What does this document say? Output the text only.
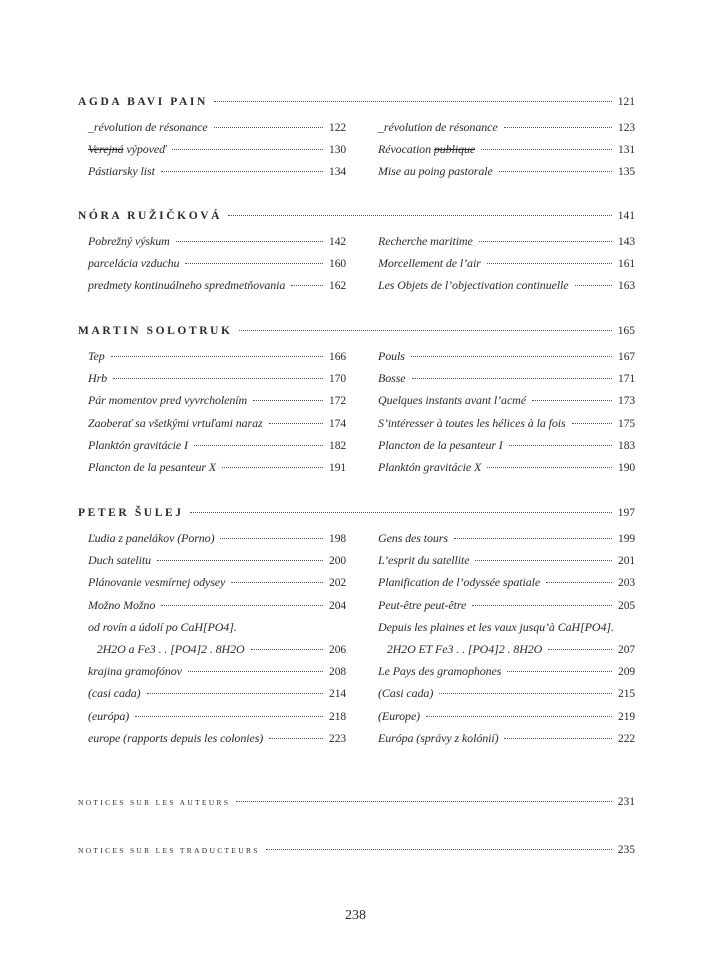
AGDA BAVI PAIN	121
_révolution de résonance	122	_révolution de résonance	123
Verejná výpoveď	130	Révocation publique	131
Pástiarsky list	134	Mise au poing pastorale	135
NÓRA RUŽIČKOVÁ	141
Pobrežný výskum	142	Recherche maritime	143
parcelácia vzduchu	160	Morcellement de l’air	161
predmety kontinuálneho spredmetňovania	162	Les Objets de l’objectivation continuelle	163
MARTIN SOLOTRUK	165
Tep	166	Pouls	167
Hrb	170	Bosse	171
Pár momentov pred vyvrcholením	172	Quelques instants avant l’acmé	173
Zaoberať sa všetkými vrtuľami naraz	174	S’intéresser à toutes les hélices à la fois	175
Planktón gravitácie I	182	Plancton de la pesanteur I	183
Plancton de la pesanteur X	191	Planktón gravitácie X	190
PETER ŠULEJ	197
Ľudia z panelákov (Porno)	198	Gens des tours	199
Duch satelitu	200	L’esprit du satellite	201
Plánovanie vesmírnej odysey	202	Planification de l’odyssée spatiale	203
Možno Možno	204	Peut-être peut-être	205
od rovín a údolí po CaH[PO4].	Depuis les plaines et les vaux jusqu’à CaH[PO4].
2H2O a Fe3 . . [PO4]2 . 8H2O	206	2H2O ET Fe3 . . [PO4]2 . 8H2O	207
krajina gramofónov	208	Le Pays des gramophones	209
(casi cada)	214	(Casi cada)	215
(európa)	218	(Europe)	219
europe (rapports depuis les colonies)	223	Európa (správy z kolónií)	222
NOTICES SUR LES AUTEURS	231
NOTICES SUR LES TRADUCTEURS	235
238
